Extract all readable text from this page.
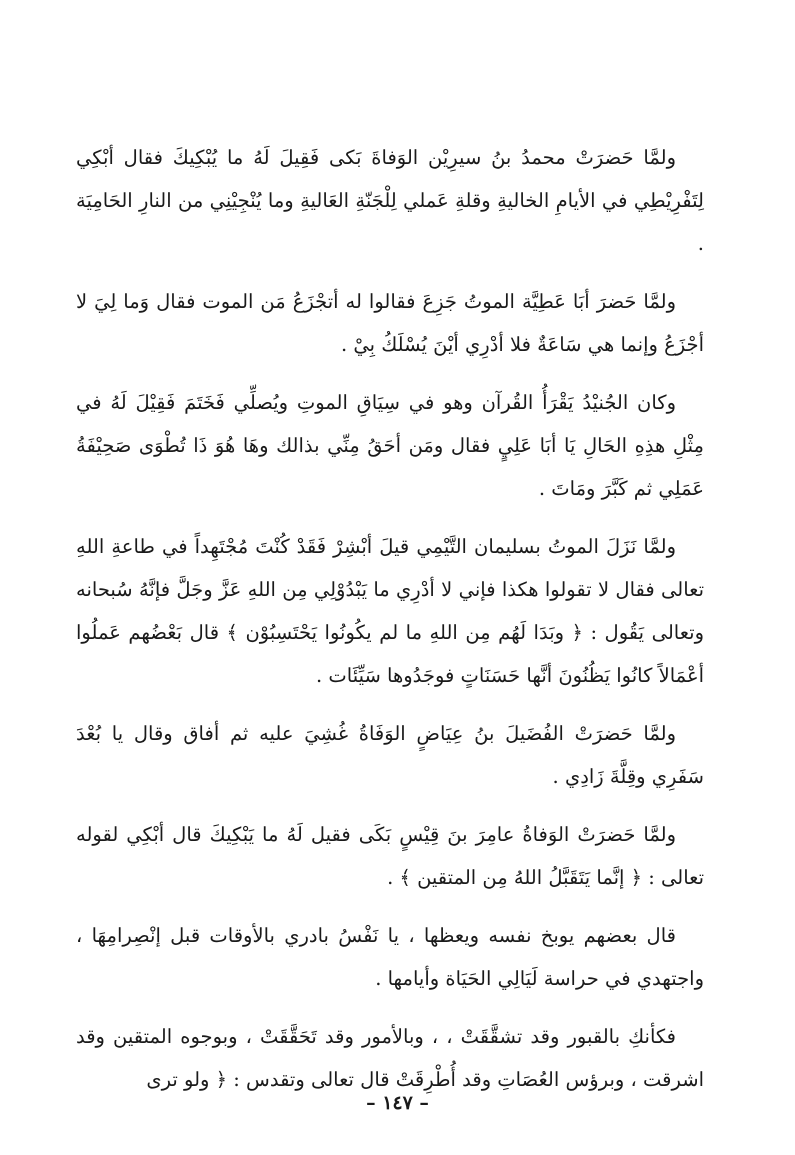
ولمَّا حَضرَتْ محمدُ بنُ سيرِيْن الوَفاةَ بَكى فَقِيلَ لَهُ ما يُبْكِيكَ فقال أبْكِي لِتَفْرِيْطِي في الأيامِ الخاليةِ وقلةِ عَملي لِلْجَنّةِ العَاليةِ وما يُنْجِيْنِي من النارِ الحَامِيَة .

ولمَّا حَضرَ أبَا عَطِيَّة الموتُ جَزِعَ فقالوا له أتجْزَعُ مَن الموت فقال وَما لِيَ لا أجْزَعُ وإنما هي سَاعَةٌ فلا أدْرِي أيْنَ يُسْلَكُ بِيْ .

وكان الجُنيْدُ يَقْرَأُ القُرآن وهو في سِيَاقِ الموتِ ويُصلِّي فَخَتَمَ فَقِيْلَ لَهُ في مِثْلِ هذِهِ الحَالِ يَا أبَا عَلِيٍ فقال ومَن أحَقُ مِنِّي بذالك وهَا هُوَ ذَا تُطْوَى صَحِيْفَةُ عَمَلِي ثم كَبَّرَ ومَاتَ .

ولمَّا نَزَلَ الموتُ بسليمان التَّيْمِي قيلَ أبْشِرْ فَقَدْ كُنْتَ مُجْتَهِداً في طاعةِ اللهِ تعالى فقال لا تقولوا هكذا فإني لا أدْرِي ما يَبْدُوْلِي مِن اللهِ عَزَّ وجَلَّ فإنَّهُ سُبحانه وتعالى يَقُول : ﴿ وبَدَا لَهُم مِن اللهِ ما لم يكُونُوا يَحْتَسِبُوْن ﴾ قال بَعْضُهم عَملُوا أعْمَالاً كانُوا يَظُنُونَ أنَّها حَسَنَاتٍ فوجَدُوها سَيِّئَات .

ولمَّا حَضرَتْ الفُضَيلَ بنُ عِيَاضٍ الوَفَاةُ غُشِيَ عليه ثم أفاق وقال يا بُعْدَ سَفَرِي وقِلَّةَ زَادِي .

ولمَّا حَضرَتْ الوَفاةُ عامِرَ بنَ قِيْسٍ بَكَى فقيل لَهُ ما يَبْكِيكَ قال أبْكِي لقوله تعالى : ﴿ إنَّما يَتَقَبَّلُ اللهُ مِن المتقين ﴾ .

قال بعضهم يوبخ نفسه ويعظها ، يا نَفْسُ بادري بالأوقات قبل إنْصِرامِهَا ، واجتهدي في حراسة لَيَالِي الحَيَاة وأيامها .

فكأنكِ بالقبور وقد تشقَّقَتْ ، ، وبالأمور وقد تَحَقَّقَتْ ، وبوجوه المتقين وقد اشرقت ، وبرؤس العُصَاتِ وقد أُطْرِقَتْ قال تعالى وتقدس : ﴿ ولو ترى

– ١٤٧ –
